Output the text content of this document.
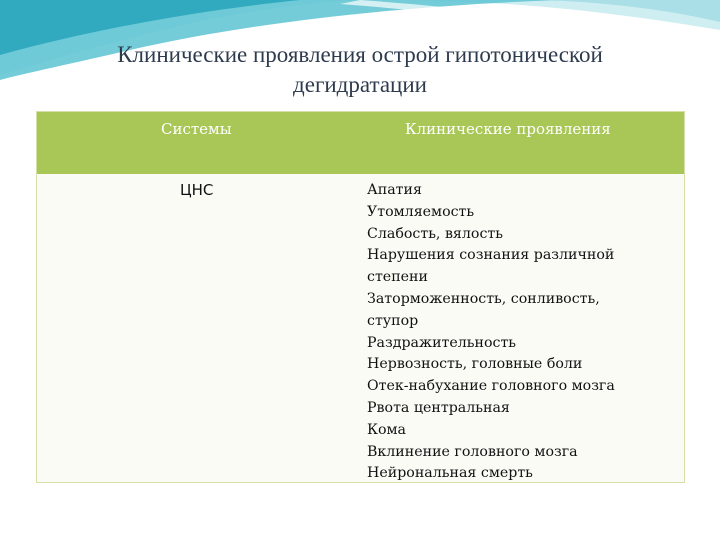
Клинические проявления острой гипотонической
дегидратации
Системы	Клинические проявления
ЦНС	Апатия
Утомляемость
Слабость, вялость
Нарушения сознания различной
степени
Заторможенность, сонливость,
ступор
Раздражительность
Нервозность, головные боли
Отек-набухание головного мозга
Рвота центральная
Кома
Вклинение головного мозга
Нейрональная смерть
